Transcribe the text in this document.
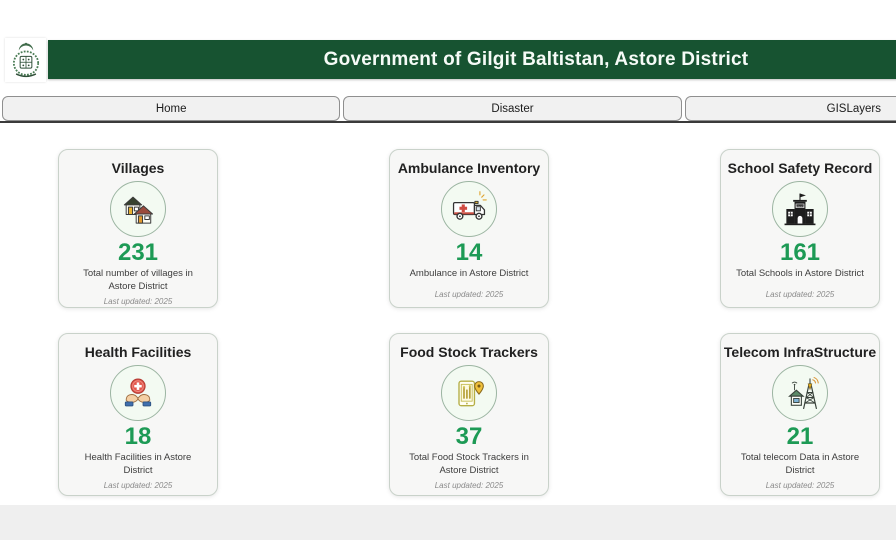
Government of Gilgit Baltistan, Astore District
Home	Disaster	GISLayers
Villages
231

Total number of villages in Astore District

Last updated: 2025

Ambulance Inventory
14

Ambulance in Astore District

Last updated: 2025

School Safety Record
SCHOOL
161

Total Schools in Astore District

Last updated: 2025

Health Facilities
18

Health Facilities in Astore District

Last updated: 2025

Food Stock Trackers
37

Total Food Stock Trackers in Astore District

Last updated: 2025

Telecom InfraStructure
21

Total telecom Data in Astore District

Last updated: 2025
